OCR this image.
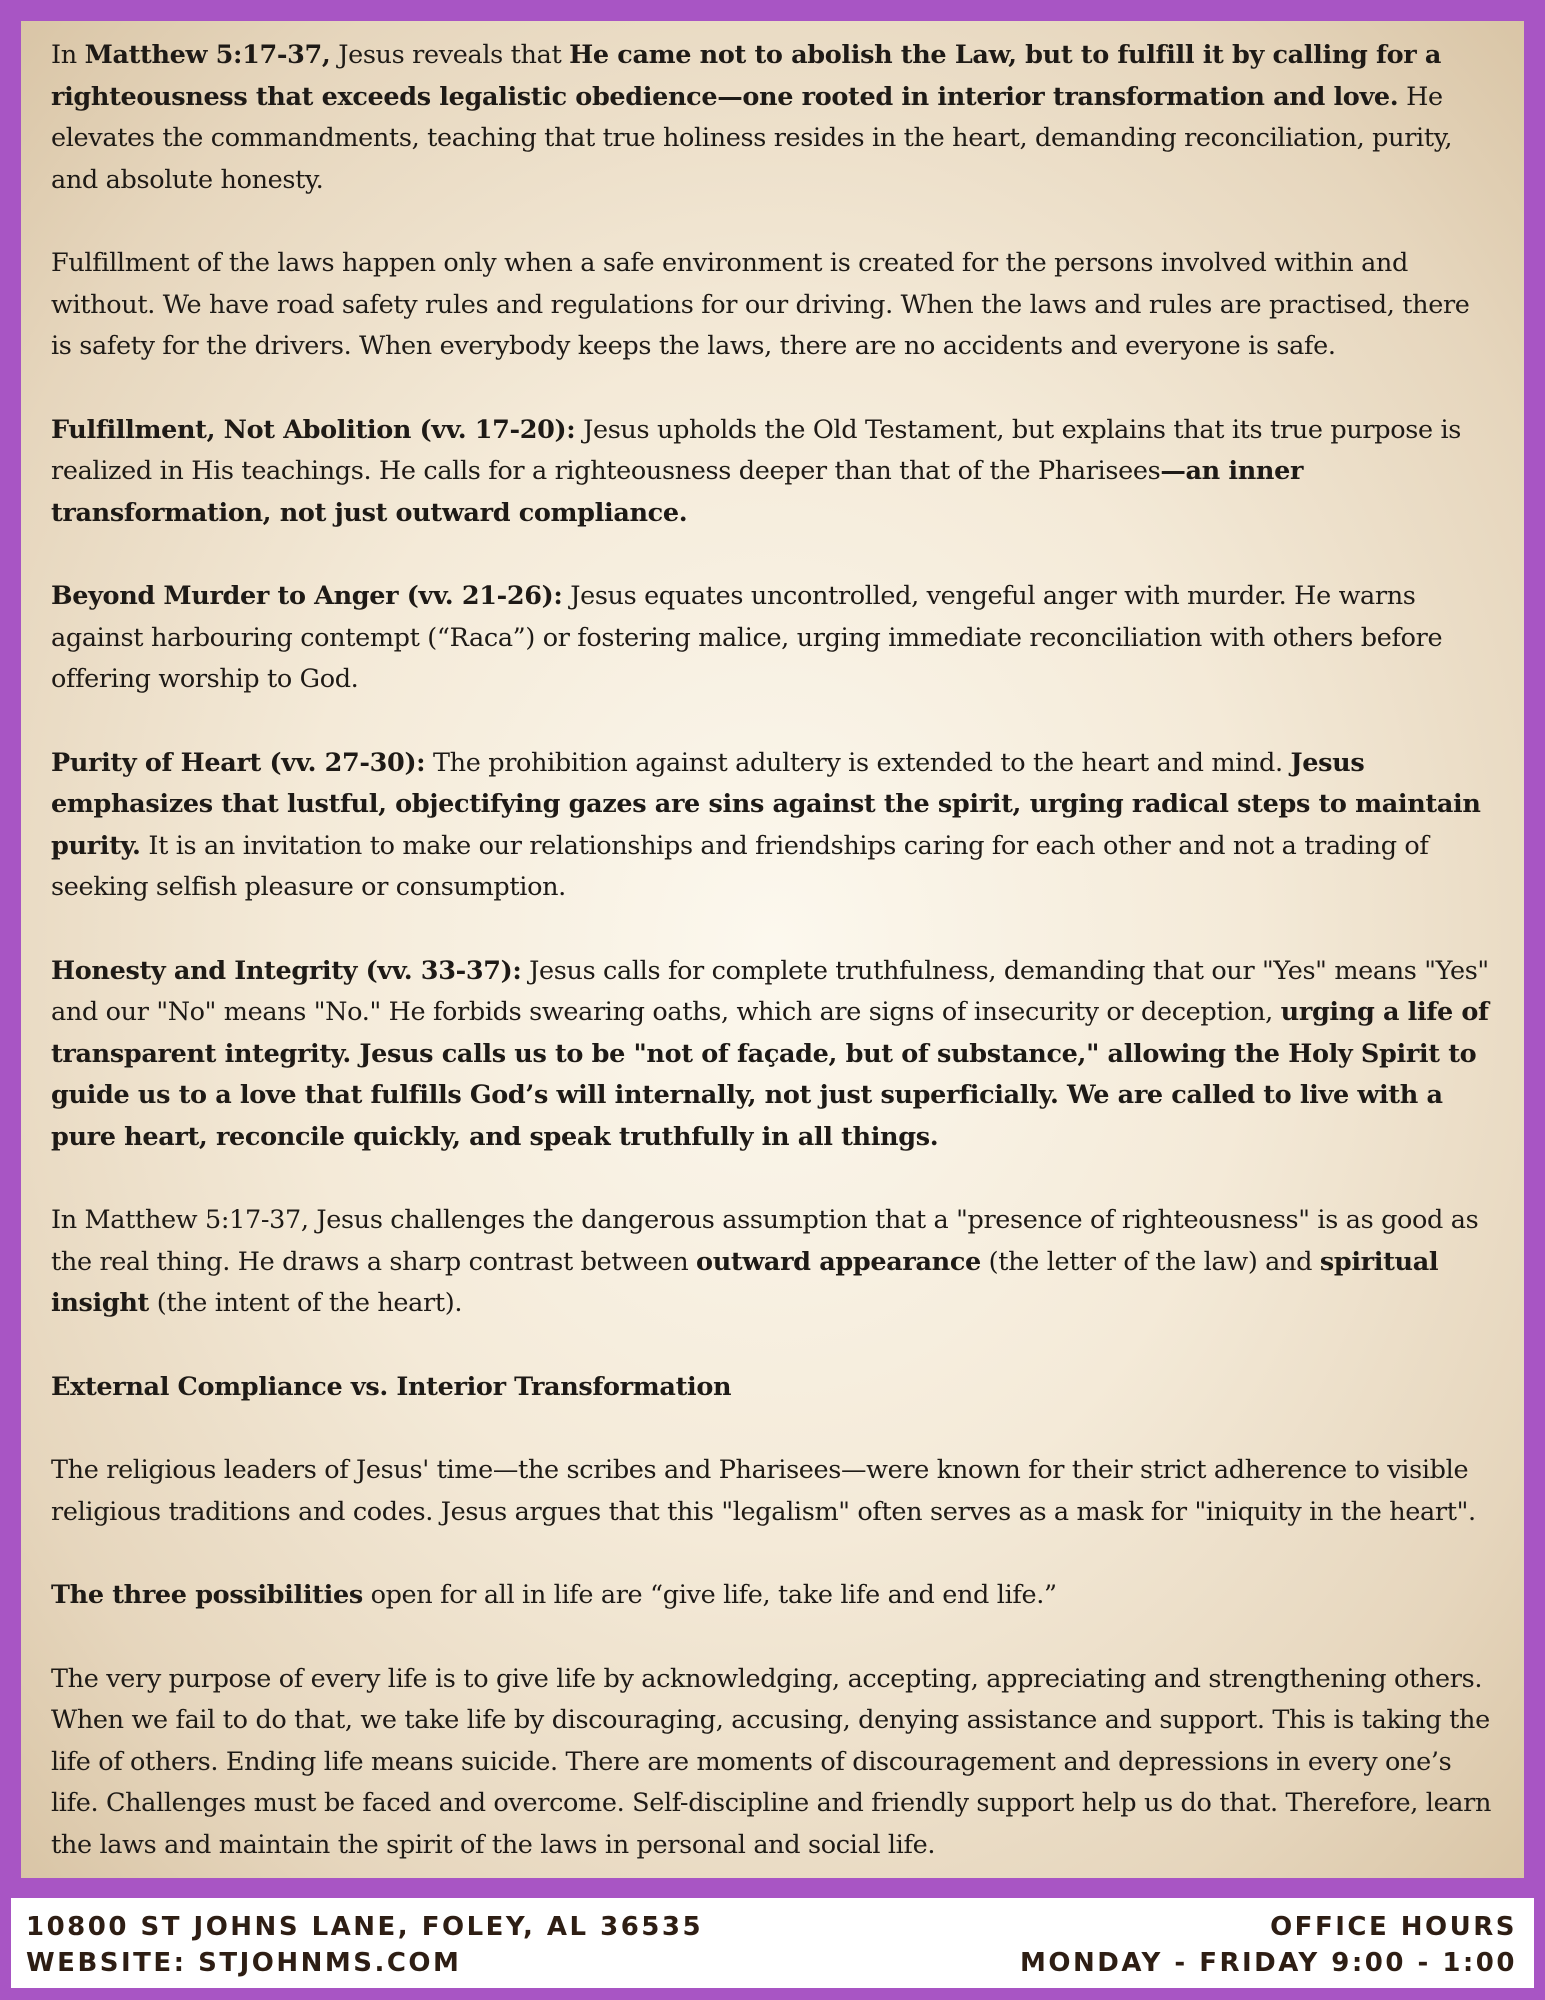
In Matthew 5:17-37, Jesus reveals that He came not to abolish the Law, but to fulfill it by calling for a righteousness that exceeds legalistic obedience—one rooted in interior transformation and love. He elevates the commandments, teaching that true holiness resides in the heart, demanding reconciliation, purity, and absolute honesty.

Fulfillment of the laws happen only when a safe environment is created for the persons involved within and without. We have road safety rules and regulations for our driving. When the laws and rules are practised, there is safety for the drivers. When everybody keeps the laws, there are no accidents and everyone is safe.

Fulfillment, Not Abolition (vv. 17-20): Jesus upholds the Old Testament, but explains that its true purpose is realized in His teachings. He calls for a righteousness deeper than that of the Pharisees—an inner transformation, not just outward compliance.

Beyond Murder to Anger (vv. 21-26): Jesus equates uncontrolled, vengeful anger with murder. He warns against harbouring contempt (“Raca”) or fostering malice, urging immediate reconciliation with others before offering worship to God.

Purity of Heart (vv. 27-30): The prohibition against adultery is extended to the heart and mind. Jesus emphasizes that lustful, objectifying gazes are sins against the spirit, urging radical steps to maintain purity. It is an invitation to make our relationships and friendships caring for each other and not a trading of seeking selfish pleasure or consumption.

Honesty and Integrity (vv. 33-37): Jesus calls for complete truthfulness, demanding that our "Yes" means "Yes" and our "No" means "No." He forbids swearing oaths, which are signs of insecurity or deception, urging a life of transparent integrity. Jesus calls us to be "not of façade, but of substance," allowing the Holy Spirit to guide us to a love that fulfills God’s will internally, not just superficially. We are called to live with a pure heart, reconcile quickly, and speak truthfully in all things.

In Matthew 5:17-37, Jesus challenges the dangerous assumption that a "presence of righteousness" is as good as the real thing. He draws a sharp contrast between outward appearance (the letter of the law) and spiritual insight (the intent of the heart).

External Compliance vs. Interior Transformation

The religious leaders of Jesus' time—the scribes and Pharisees—were known for their strict adherence to visible religious traditions and codes. Jesus argues that this "legalism" often serves as a mask for "iniquity in the heart".

The three possibilities open for all in life are “give life, take life and end life.”

The very purpose of every life is to give life by acknowledging, accepting, appreciating and strengthening others. When we fail to do that, we take life by discouraging, accusing, denying assistance and support. This is taking the life of others. Ending life means suicide. There are moments of discouragement and depressions in every one’s life. Challenges must be faced and overcome. Self-discipline and friendly support help us do that. Therefore, learn the laws and maintain the spirit of the laws in personal and social life.

10800 ST JOHNS LANE, FOLEY, AL 36535
WEBSITE: STJOHNMS.COM
OFFICE HOURS
MONDAY - FRIDAY 9:00 - 1:00
